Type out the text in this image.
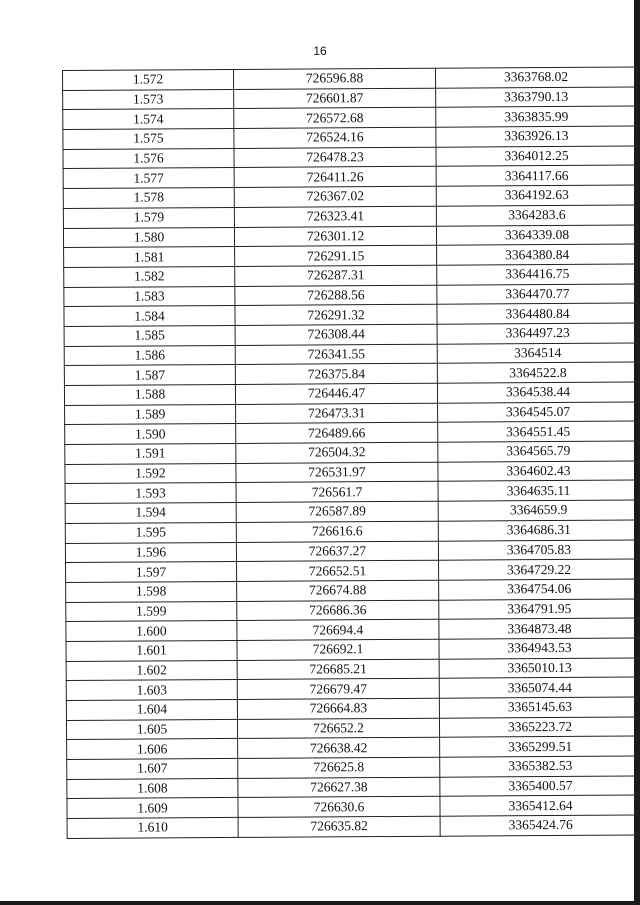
16
1.572	726596.88	3363768.02
1.573	726601.87	3363790.13
1.574	726572.68	3363835.99
1.575	726524.16	3363926.13
1.576	726478.23	3364012.25
1.577	726411.26	3364117.66
1.578	726367.02	3364192.63
1.579	726323.41	3364283.6
1.580	726301.12	3364339.08
1.581	726291.15	3364380.84
1.582	726287.31	3364416.75
1.583	726288.56	3364470.77
1.584	726291.32	3364480.84
1.585	726308.44	3364497.23
1.586	726341.55	3364514
1.587	726375.84	3364522.8
1.588	726446.47	3364538.44
1.589	726473.31	3364545.07
1.590	726489.66	3364551.45
1.591	726504.32	3364565.79
1.592	726531.97	3364602.43
1.593	726561.7	3364635.11
1.594	726587.89	3364659.9
1.595	726616.6	3364686.31
1.596	726637.27	3364705.83
1.597	726652.51	3364729.22
1.598	726674.88	3364754.06
1.599	726686.36	3364791.95
1.600	726694.4	3364873.48
1.601	726692.1	3364943.53
1.602	726685.21	3365010.13
1.603	726679.47	3365074.44
1.604	726664.83	3365145.63
1.605	726652.2	3365223.72
1.606	726638.42	3365299.51
1.607	726625.8	3365382.53
1.608	726627.38	3365400.57
1.609	726630.6	3365412.64
1.610	726635.82	3365424.76
